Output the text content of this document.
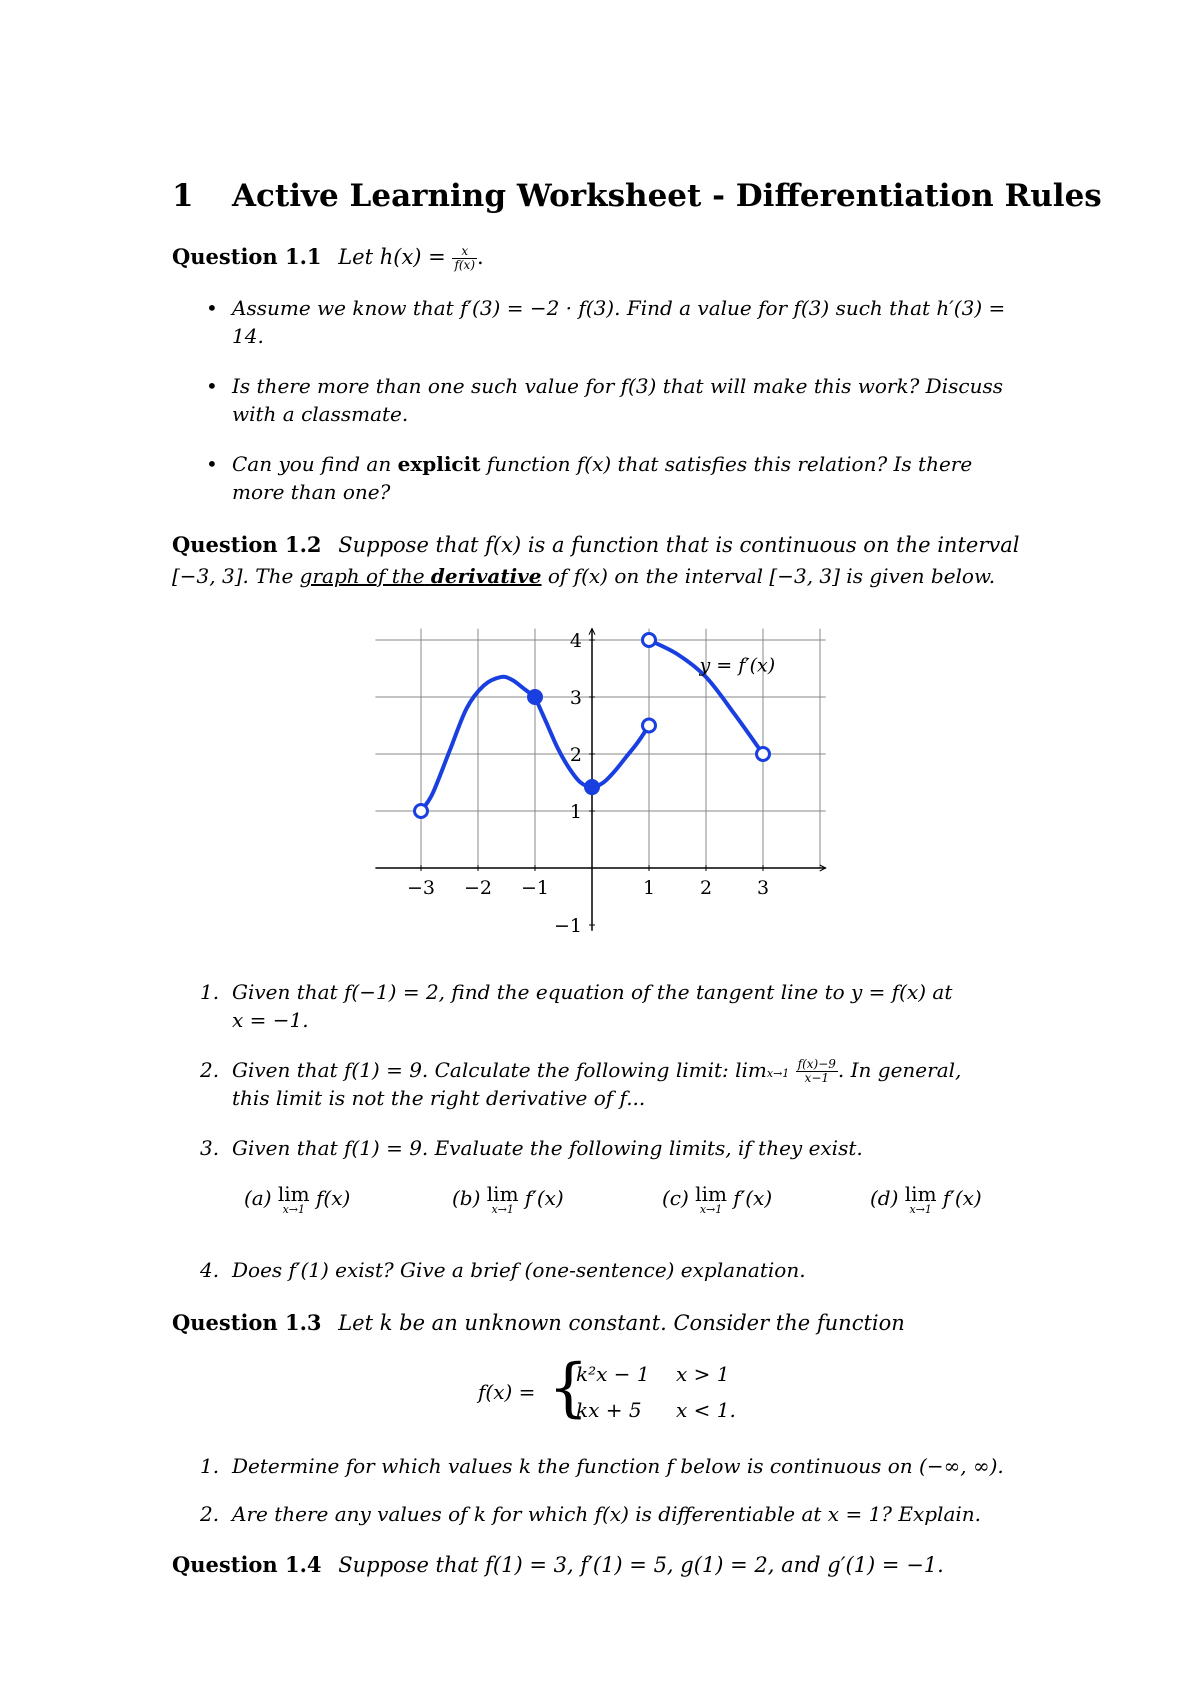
1 Active Learning Worksheet - Differentiation Rules
Question 1.1 Let $h(x) = \frac{x}{f(x)}$ .
• Assume we know that f′(3) = −2 · f(3). Find a value for f(3) such that h′(3) =
14.
• Is there more than one such value for f(3) that will make this work? Discuss
with a classmate.
• Can you find an explicit function f(x) that satisfies this relation? Is there
more than one?
Question 1.2 Suppose that f(x) is a function that is continuous on the interval
[−3, 3]. The graph of the derivative of f(x) on the interval [−3, 3] is given below.
−3 −2 −1	1 2 3
−1
1
2
3
4
y = f′(x)
1. Given that f(−1) = 2, find the equation of the tangent line to y = f(x) at
x = −1.
2. Given that f(1) = 9. Calculate the following limit: $\lim x\to 1 \frac{f(x)-9}{x-1}$ . In general,
this limit is not the right derivative of f...
3. Given that f(1) = 9. Evaluate the following limits, if they exist.
(a) lim
x→1 f(x)	(b) lim
x→1 f′(x)	(c) lim
x→1 f′(x)	(d) lim
x→1 f′(x)
4. Does f′(1) exist? Give a brief (one-sentence) explanation.
Question 1.3 Let k be an unknown constant. Consider the function
f(x) = {
k²x − 1 x > 1
kx + 5 x < 1.
1. Determine for which values k the function f below is continuous on (−∞, ∞).
2. Are there any values of k for which f(x) is differentiable at x = 1? Explain.
Question 1.4 Suppose that f(1) = 3, f′(1) = 5, g(1) = 2, and g′(1) = −1.
